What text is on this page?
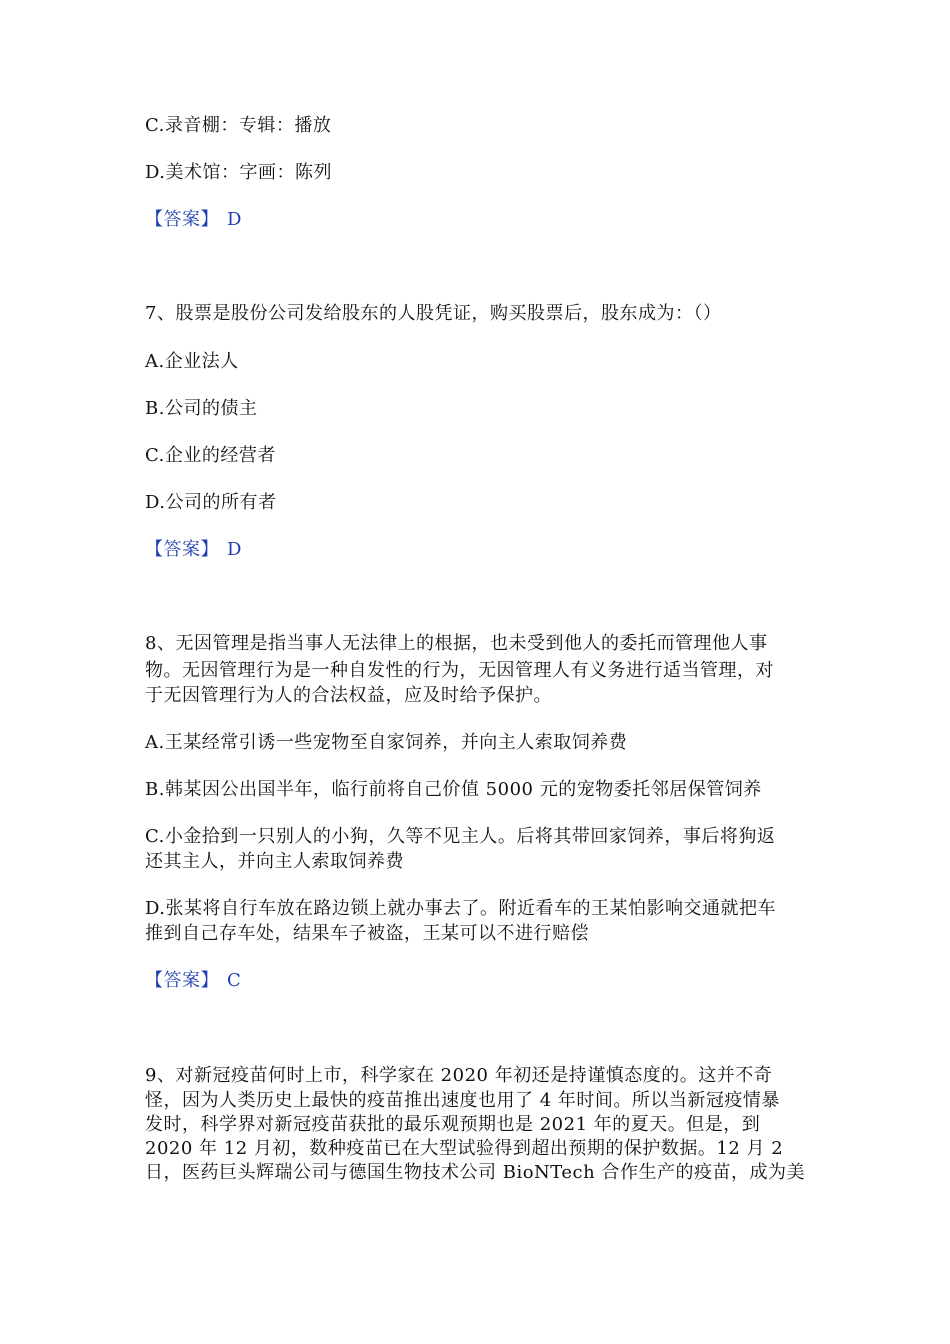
C.录音棚：专辑：播放
D.美术馆：字画：陈列
【答案】 D
7、股票是股份公司发给股东的人股凭证，购买股票后，股东成为：（）
A.企业法人
B.公司的债主
C.企业的经营者
D.公司的所有者
【答案】 D
8、无因管理是指当事人无法律上的根据，也未受到他人的委托而管理他人事
物。无因管理行为是一种自发性的行为，无因管理人有义务进行适当管理，对
于无因管理行为人的合法权益，应及时给予保护。
A.王某经常引诱一些宠物至自家饲养，并向主人索取饲养费
B.韩某因公出国半年，临行前将自己价值 5000 元的宠物委托邻居保管饲养
C.小金拾到一只别人的小狗，久等不见主人。后将其带回家饲养，事后将狗返
还其主人，并向主人索取饲养费
D.张某将自行车放在路边锁上就办事去了。附近看车的王某怕影响交通就把车
推到自己存车处，结果车子被盗，王某可以不进行赔偿
【答案】 C
9、对新冠疫苗何时上市，科学家在 2020 年初还是持谨慎态度的。这并不奇
怪，因为人类历史上最快的疫苗推出速度也用了 4 年时间。所以当新冠疫情暴
发时，科学界对新冠疫苗获批的最乐观预期也是 2021 年的夏天。但是，到
2020 年 12 月初，数种疫苗已在大型试验得到超出预期的保护数据。12 月 2
日，医药巨头辉瑞公司与德国生物技术公司 BioNTech 合作生产的疫苗，成为美
